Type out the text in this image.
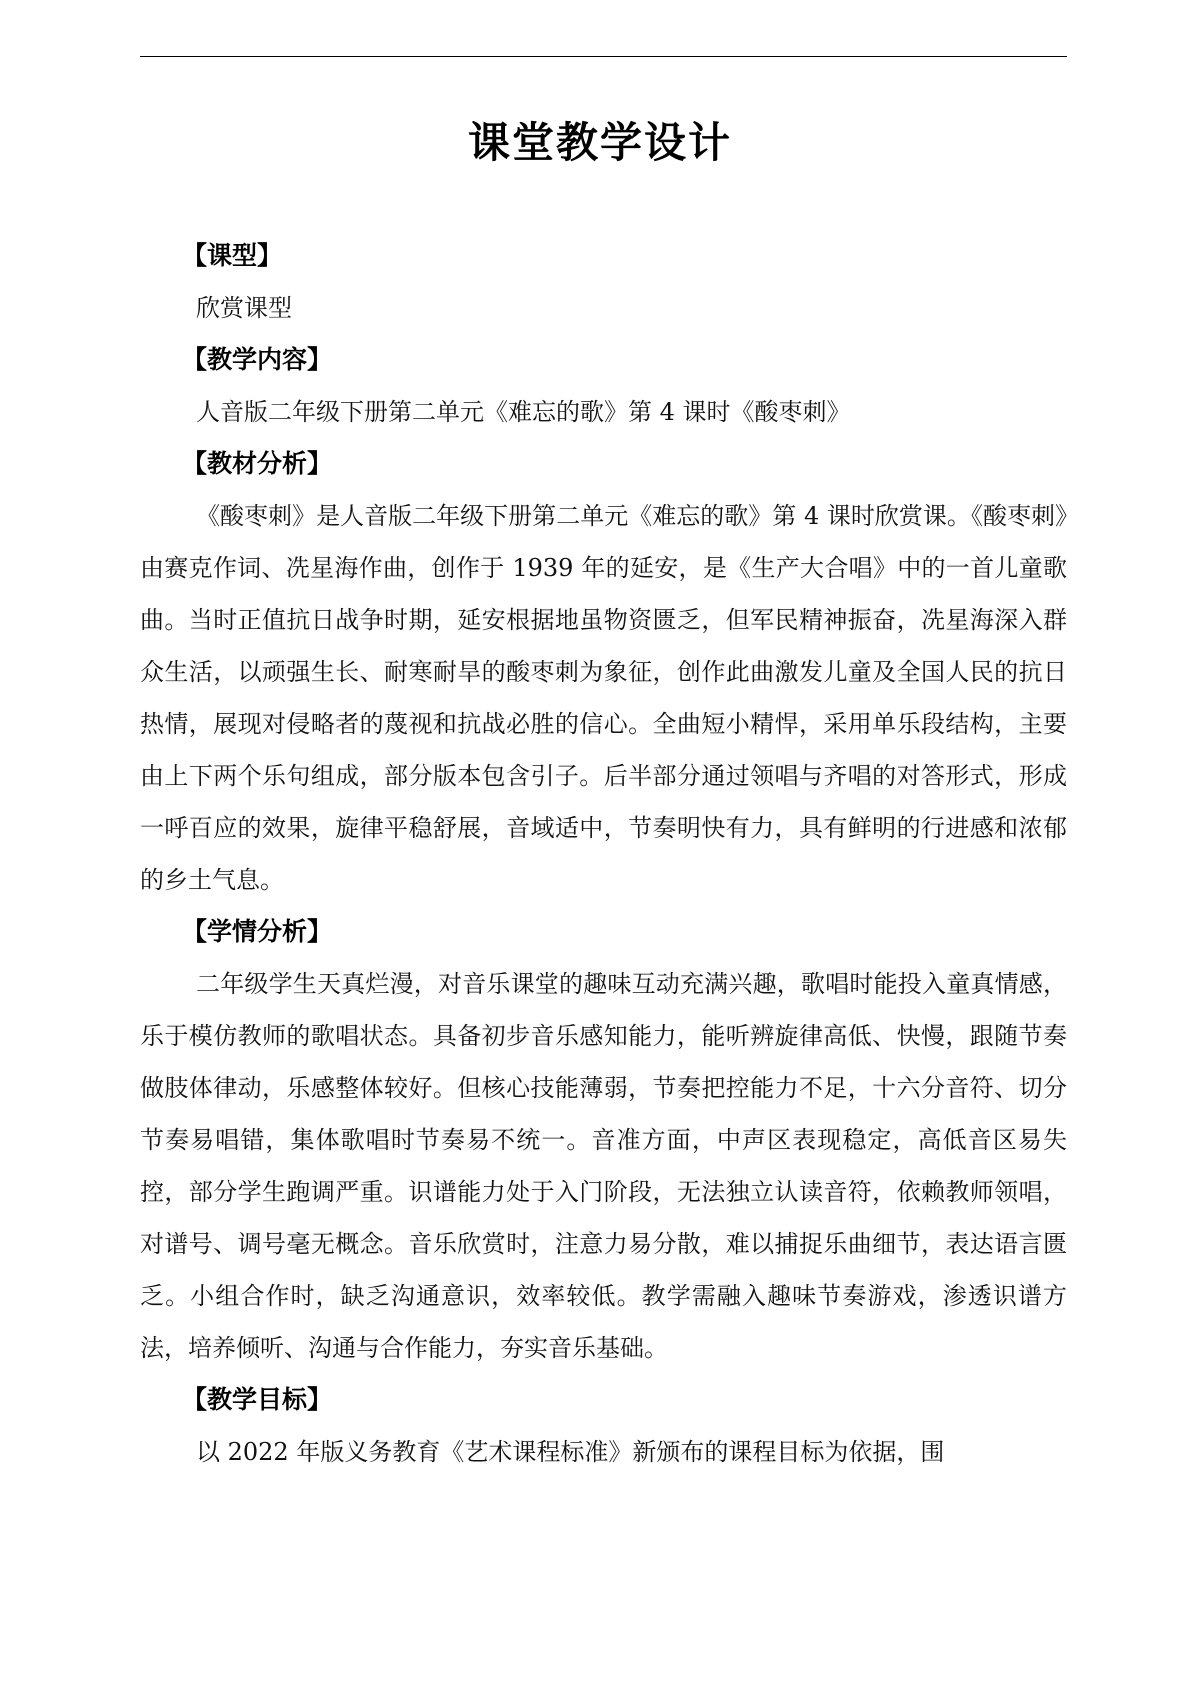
课堂教学设计
【课型】
欣赏课型
【教学内容】
人音版二年级下册第二单元《难忘的歌》第 4 课时《酸枣刺》
【教材分析】

《酸枣刺》是人音版二年级下册第二单元《难忘的歌》第 4 课时欣赏课。《酸枣刺》由赛克作词、冼星海作曲，创作于 1939 年的延安，是《生产大合唱》中的一首儿童歌曲。当时正值抗日战争时期，延安根据地虽物资匮乏，但军民精神振奋，冼星海深入群众生活，以顽强生长、耐寒耐旱的酸枣刺为象征，创作此曲激发儿童及全国人民的抗日热情，展现对侵略者的蔑视和抗战必胜的信心。全曲短小精悍，采用单乐段结构，主要由上下两个乐句组成，部分版本包含引子。后半部分通过领唱与齐唱的对答形式，形成一呼百应的效果，旋律平稳舒展，音域适中，节奏明快有力，具有鲜明的行进感和浓郁的乡土气息。

【学情分析】

二年级学生天真烂漫，对音乐课堂的趣味互动充满兴趣，歌唱时能投入童真情感，乐于模仿教师的歌唱状态。具备初步音乐感知能力，能听辨旋律高低、快慢，跟随节奏做肢体律动，乐感整体较好。但核心技能薄弱，节奏把控能力不足，十六分音符、切分节奏易唱错，集体歌唱时节奏易不统一。音准方面，中声区表现稳定，高低音区易失控，部分学生跑调严重。识谱能力处于入门阶段，无法独立认读音符，依赖教师领唱，对谱号、调号毫无概念。音乐欣赏时，注意力易分散，难以捕捉乐曲细节，表达语言匮乏。小组合作时，缺乏沟通意识，效率较低。教学需融入趣味节奏游戏，渗透识谱方法，培养倾听、沟通与合作能力，夯实音乐基础。

【教学目标】

以 2022 年版义务教育《艺术课程标准》新颁布的课程目标为依据，围
